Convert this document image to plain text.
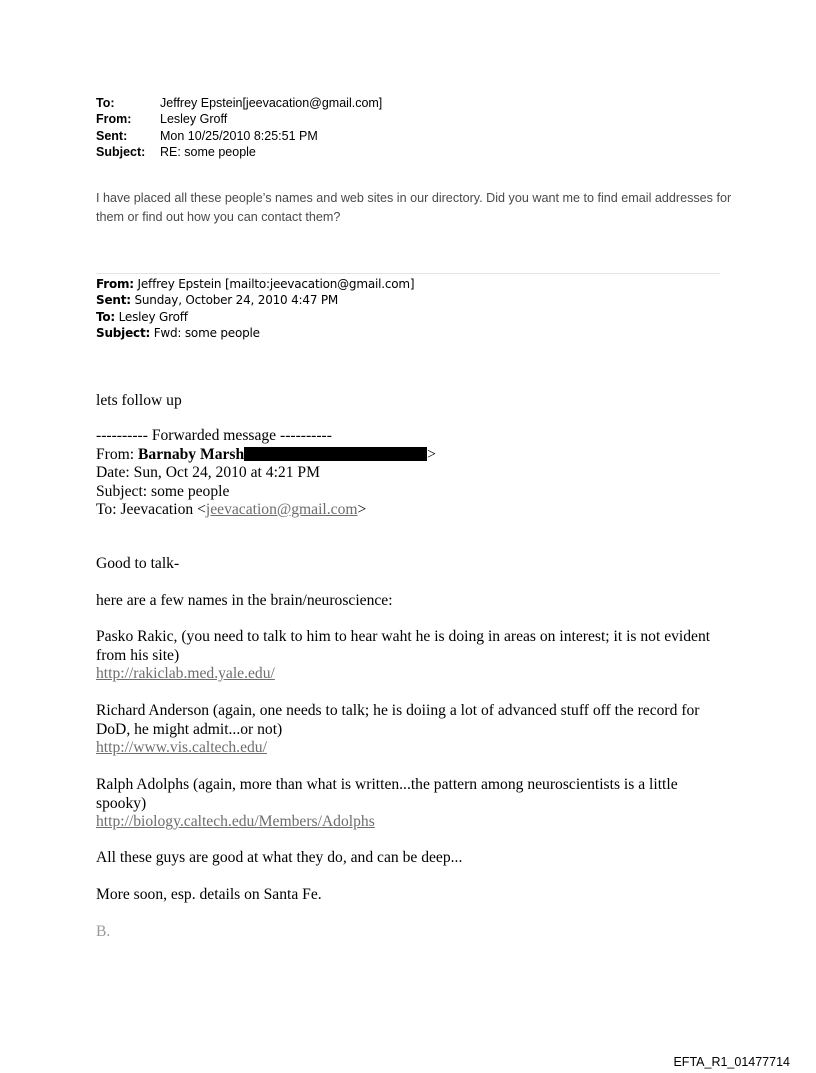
To:	Jeffrey Epstein[jeevacation@gmail.com]
From:	Lesley Groff
Sent:	Mon 10/25/2010 8:25:51 PM
Subject:	RE: some people
I have placed all these people’s names and web sites in our directory. Did you want me to find email addresses for them or find out how you can contact them?
From: Jeffrey Epstein [mailto:jeevacation@gmail.com]
Sent: Sunday, October 24, 2010 4:47 PM
To: Lesley Groff
Subject: Fwd: some people

lets follow up

---------- Forwarded message ----------

From: Barnaby Marsh	>

Date: Sun, Oct 24, 2010 at 4:21 PM

Subject: some people

To: Jeevacation <jeevacation@gmail.com>

Good to talk-

here are a few names in the brain/neuroscience:

Pasko Rakic, (you need to talk to him to hear waht he is doing in areas on interest; it is not evident from his site)

http://rakiclab.med.yale.edu/

Richard Anderson (again, one needs to talk; he is doiing a lot of advanced stuff off the record for DoD, he might admit...or not)

http://www.vis.caltech.edu/

Ralph Adolphs (again, more than what is written...the pattern among neuroscientists is a little spooky)

http://biology.caltech.edu/Members/Adolphs

All these guys are good at what they do, and can be deep...

More soon, esp. details on Santa Fe.

B.

EFTA_R1_01477714
